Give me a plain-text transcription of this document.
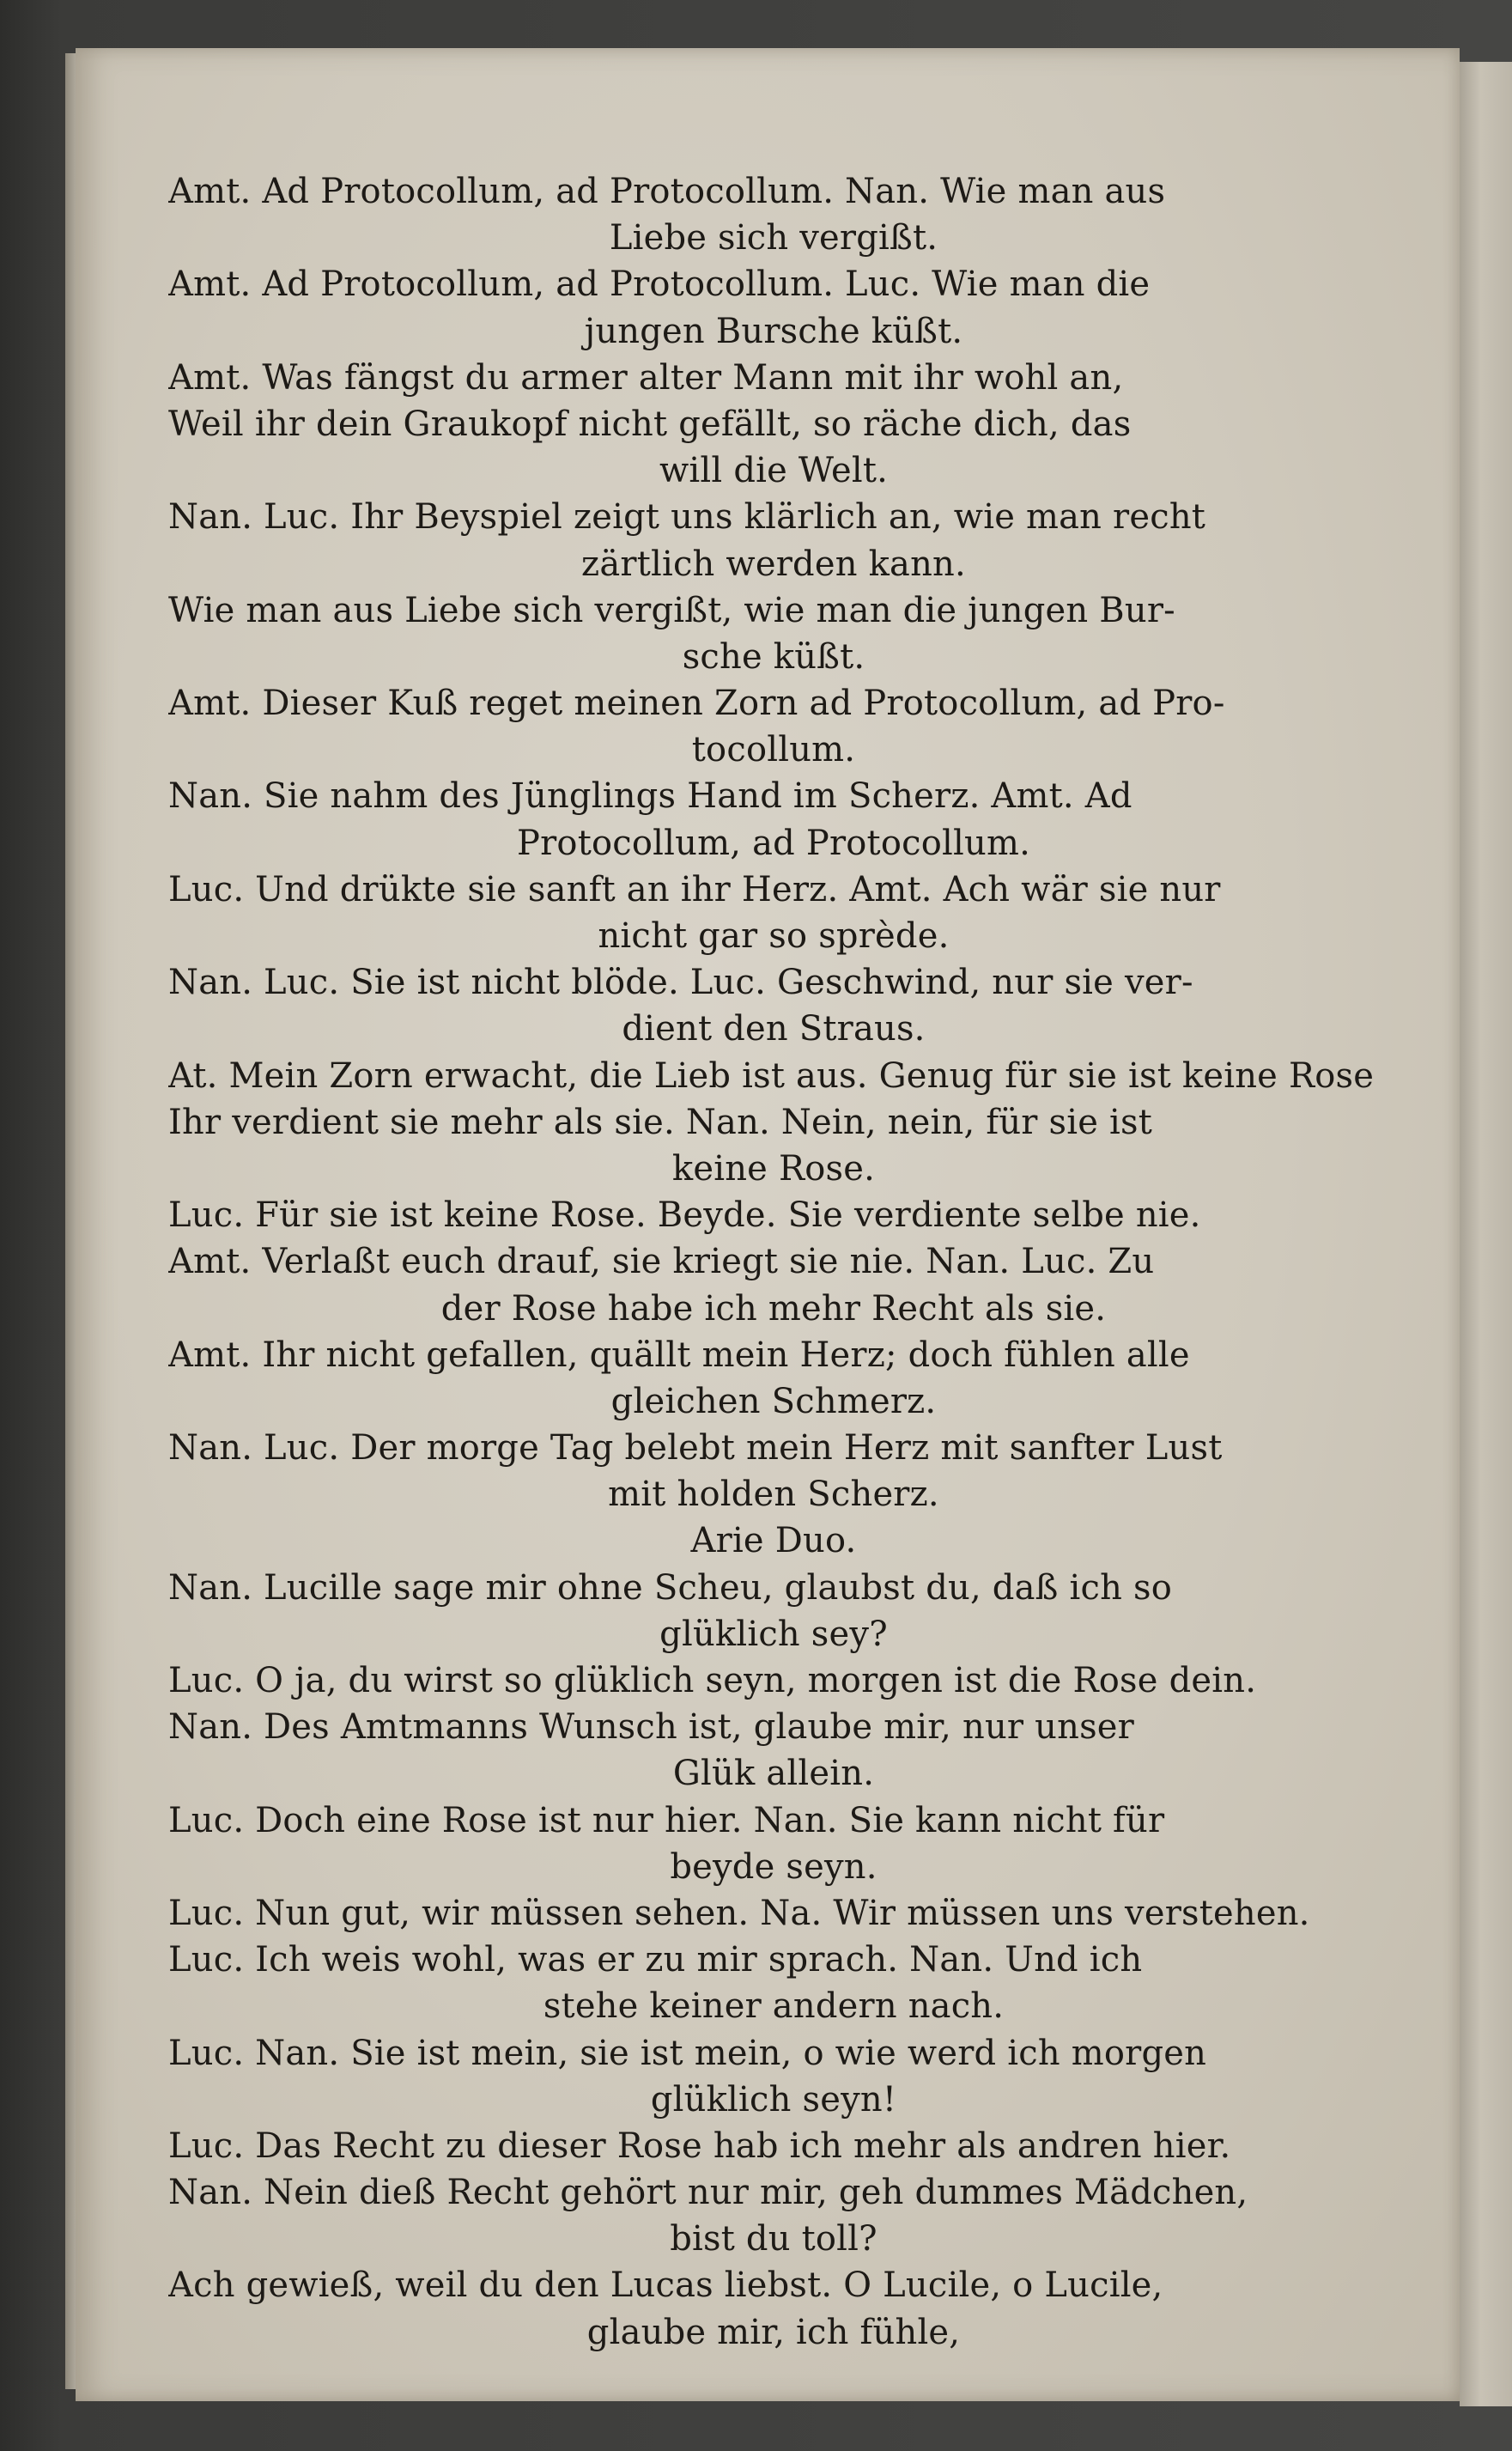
Amt. Ad Protocollum, ad Protocollum. Nan. Wie man aus
Liebe sich vergißt.
Amt. Ad Protocollum, ad Protocollum. Luc. Wie man die
jungen Bursche küßt.
Amt. Was fängst du armer alter Mann mit ihr wohl an,
Weil ihr dein Graukopf nicht gefällt, so räche dich, das
will die Welt.
Nan. Luc. Ihr Beyspiel zeigt uns klärlich an, wie man recht
zärtlich werden kann.
Wie man aus Liebe sich vergißt, wie man die jungen Bur-
sche küßt.
Amt. Dieser Kuß reget meinen Zorn ad Protocollum, ad Pro-
tocollum.
Nan. Sie nahm des Jünglings Hand im Scherz. Amt. Ad
Protocollum, ad Protocollum.
Luc. Und drükte sie sanft an ihr Herz. Amt. Ach wär sie nur
nicht gar so sprède.
Nan. Luc. Sie ist nicht blöde. Luc. Geschwind, nur sie ver-
dient den Straus.
At. Mein Zorn erwacht, die Lieb ist aus. Genug für sie ist keine Rose
Ihr verdient sie mehr als sie. Nan. Nein, nein, für sie ist
keine Rose.
Luc. Für sie ist keine Rose. Beyde. Sie verdiente selbe nie.
Amt. Verlaßt euch drauf, sie kriegt sie nie. Nan. Luc. Zu
der Rose habe ich mehr Recht als sie.
Amt. Ihr nicht gefallen, quällt mein Herz; doch fühlen alle
gleichen Schmerz.
Nan. Luc. Der morge Tag belebt mein Herz mit sanfter Lust
mit holden Scherz.
Arie Duo.
Nan. Lucille sage mir ohne Scheu, glaubst du, daß ich so
glüklich sey?
Luc. O ja, du wirst so glüklich seyn, morgen ist die Rose dein.
Nan. Des Amtmanns Wunsch ist, glaube mir, nur unser
Glük allein.
Luc. Doch eine Rose ist nur hier. Nan. Sie kann nicht für
beyde seyn.
Luc. Nun gut, wir müssen sehen. Na. Wir müssen uns verstehen.
Luc. Ich weis wohl, was er zu mir sprach. Nan. Und ich
stehe keiner andern nach.
Luc. Nan. Sie ist mein, sie ist mein, o wie werd ich morgen
glüklich seyn!
Luc. Das Recht zu dieser Rose hab ich mehr als andren hier.
Nan. Nein dieß Recht gehört nur mir, geh dummes Mädchen,
bist du toll?
Ach gewieß, weil du den Lucas liebst. O Lucile, o Lucile,
glaube mir, ich fühle,
